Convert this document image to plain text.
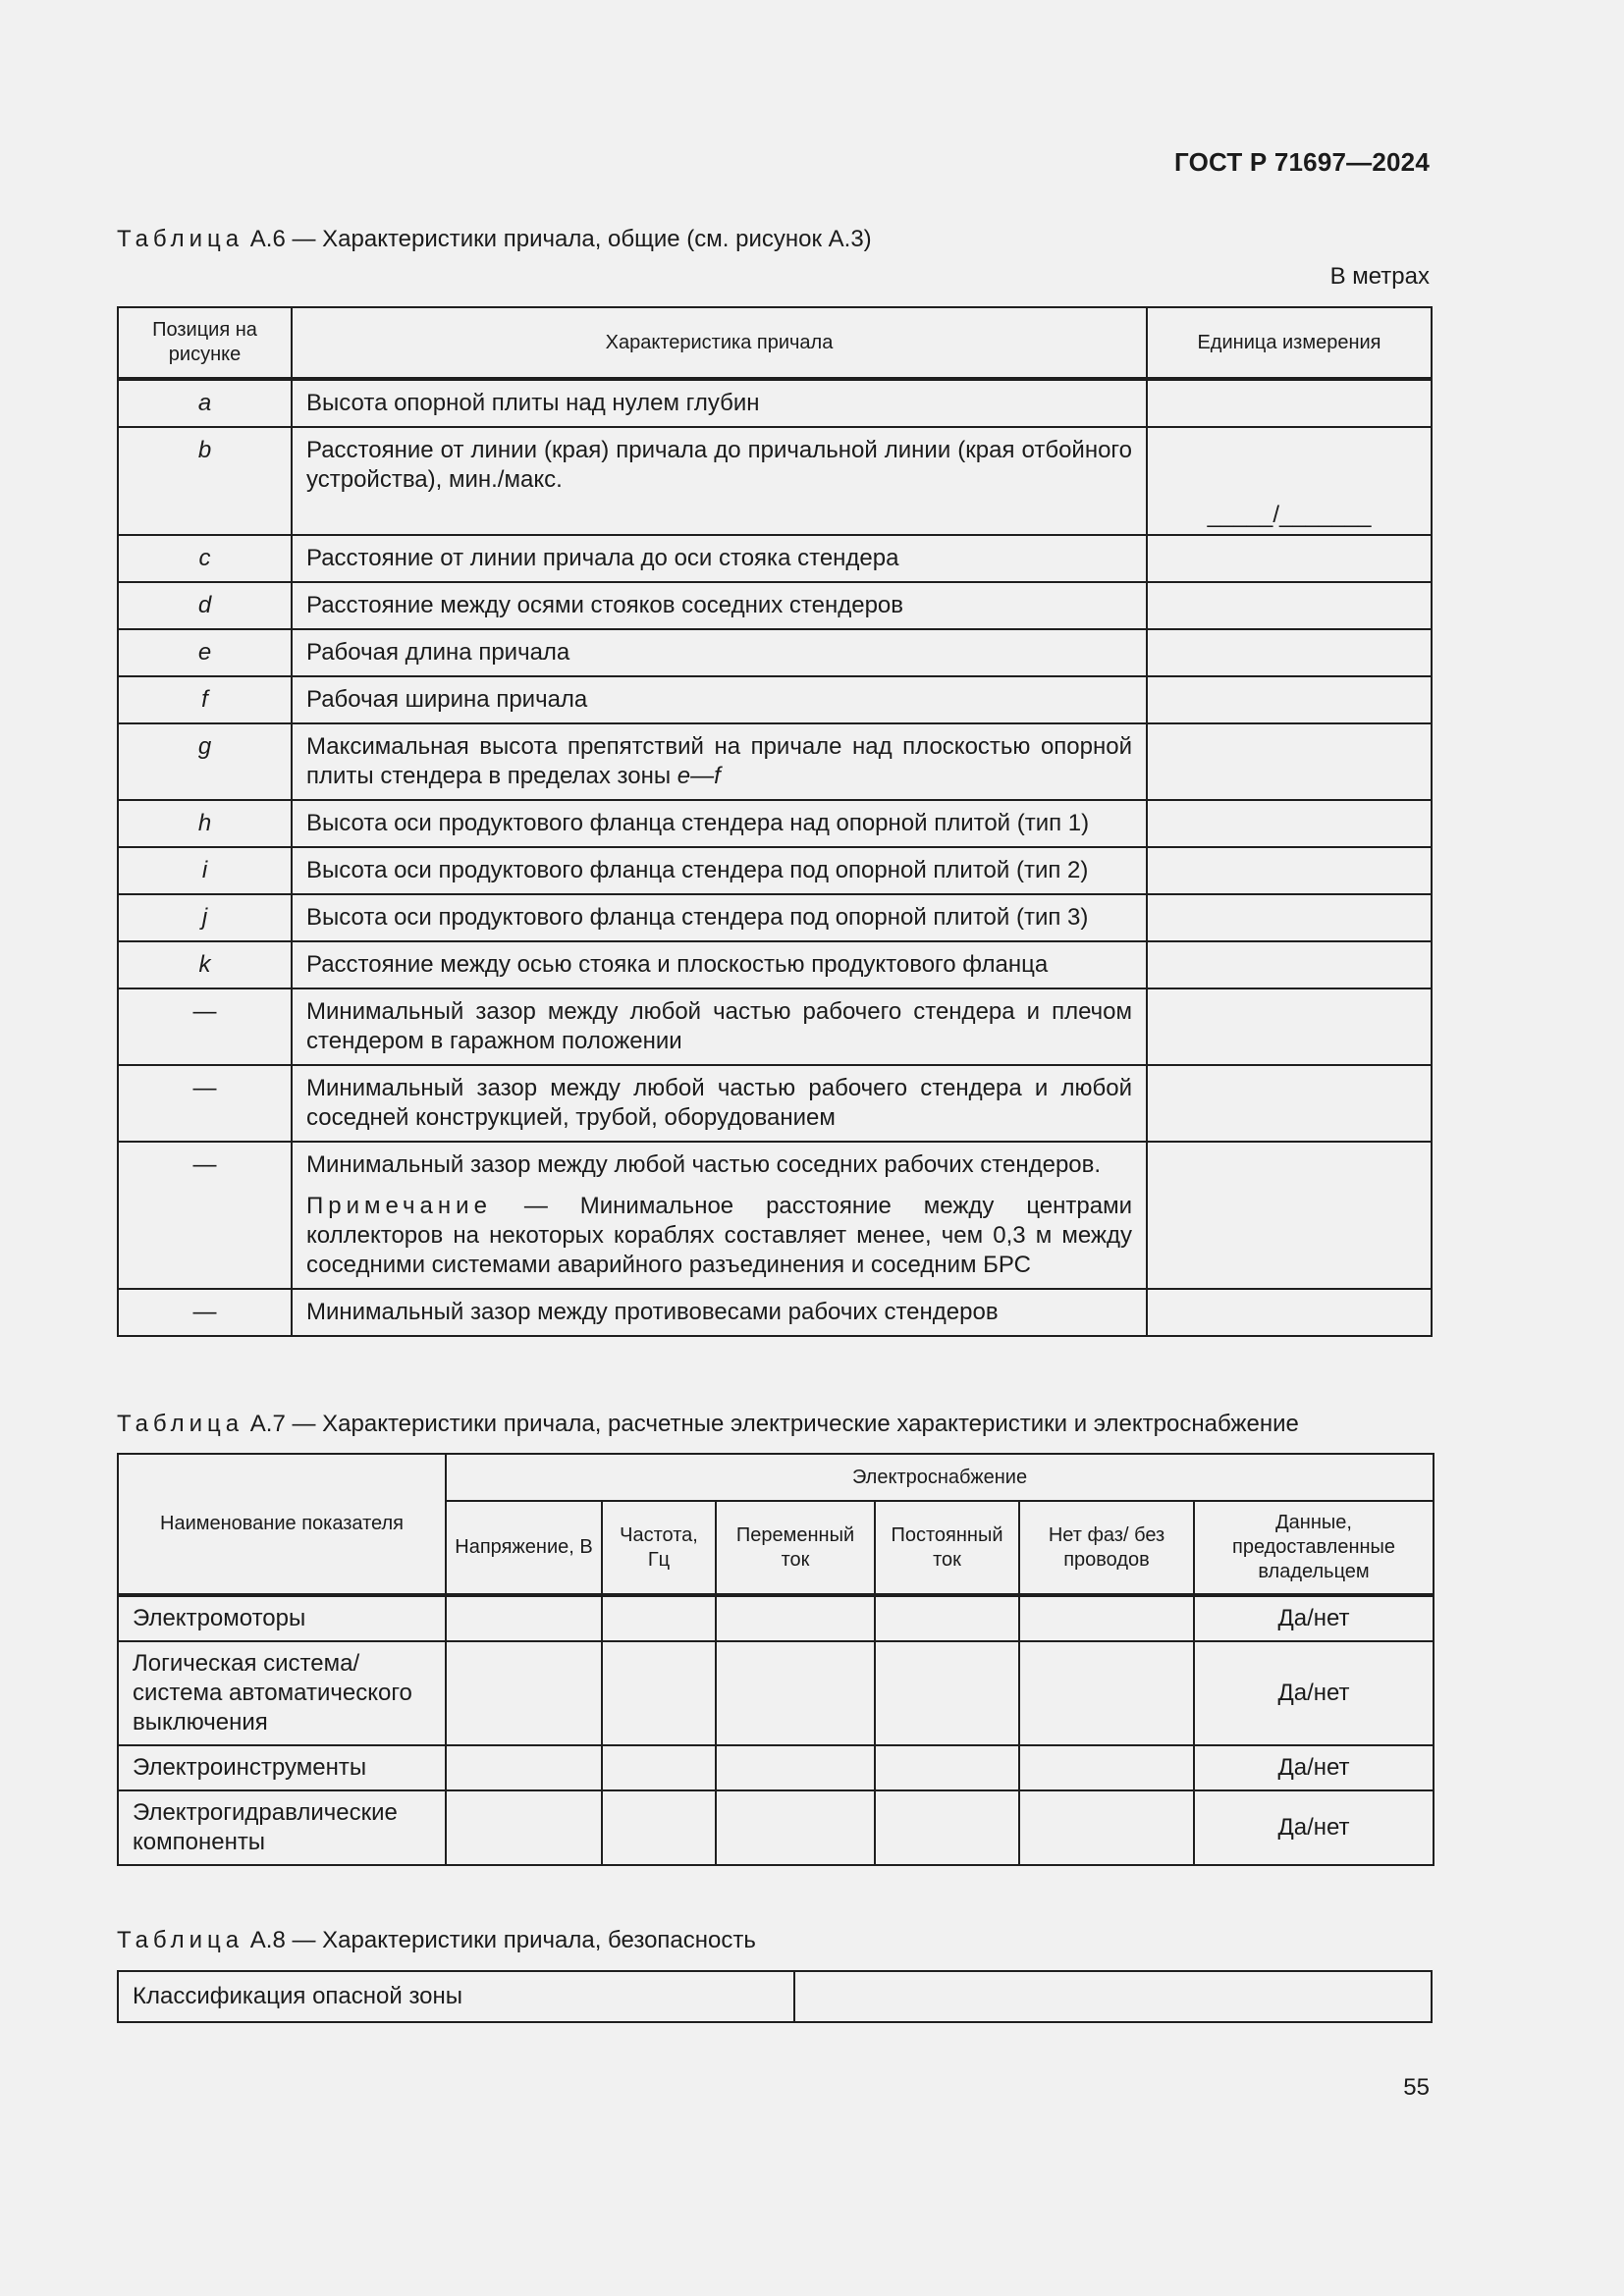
ГОСТ Р 71697—2024
Таблица А.6 — Характеристики причала, общие (см. рисунок А.3)
В метрах
Позиция на рисунке	Характеристика причала	Единица измерения
a	Высота опорной плиты над нулем глубин	
b	Расстояние от линии (края) причала до причальной линии (края отбойного устройства), мин./макс.	_____/_______
c	Расстояние от линии причала до оси стояка стендера	
d	Расстояние между осями стояков соседних стендеров	
e	Рабочая длина причала	
f	Рабочая ширина причала	
g	Максимальная высота препятствий на причале над плоскостью опорной плиты стендера в пределах зоны e—f	
h	Высота оси продуктового фланца стендера над опорной плитой (тип 1)	
i	Высота оси продуктового фланца стендера под опорной плитой (тип 2)	
j	Высота оси продуктового фланца стендера под опорной плитой (тип 3)	
k	Расстояние между осью стояка и плоскостью продуктового фланца	
—	Минимальный зазор между любой частью рабочего стендера и плечом стендером в гаражном положении	
—	Минимальный зазор между любой частью рабочего стендера и любой соседней конструкцией, трубой, оборудованием	
—	Минимальный зазор между любой частью соседних рабочих стендеров.
Примечание — Минимальное расстояние между центрами коллекторов на некоторых кораблях составляет менее, чем 0,3 м между соседними системами аварийного разъединения и соседним БРС	

—	Минимальный зазор между противовесами рабочих стендеров	
Таблица А.7 — Характеристики причала, расчетные электрические характеристики и электроснабжение
Наименование показателя	Электроснабжение					
	Напряжение, В	Частота, Гц	Переменный ток	Постоянный ток	Нет фаз/ без проводов	Данные, предоставленные владельцем
Электромоторы						Да/нет
Логическая система/ система автоматического выключения						Да/нет
Электроинструменты						Да/нет
Электрогидравлические компоненты						Да/нет
Таблица А.8 — Характеристики причала, безопасность
Классификация опасной зоны	
55
